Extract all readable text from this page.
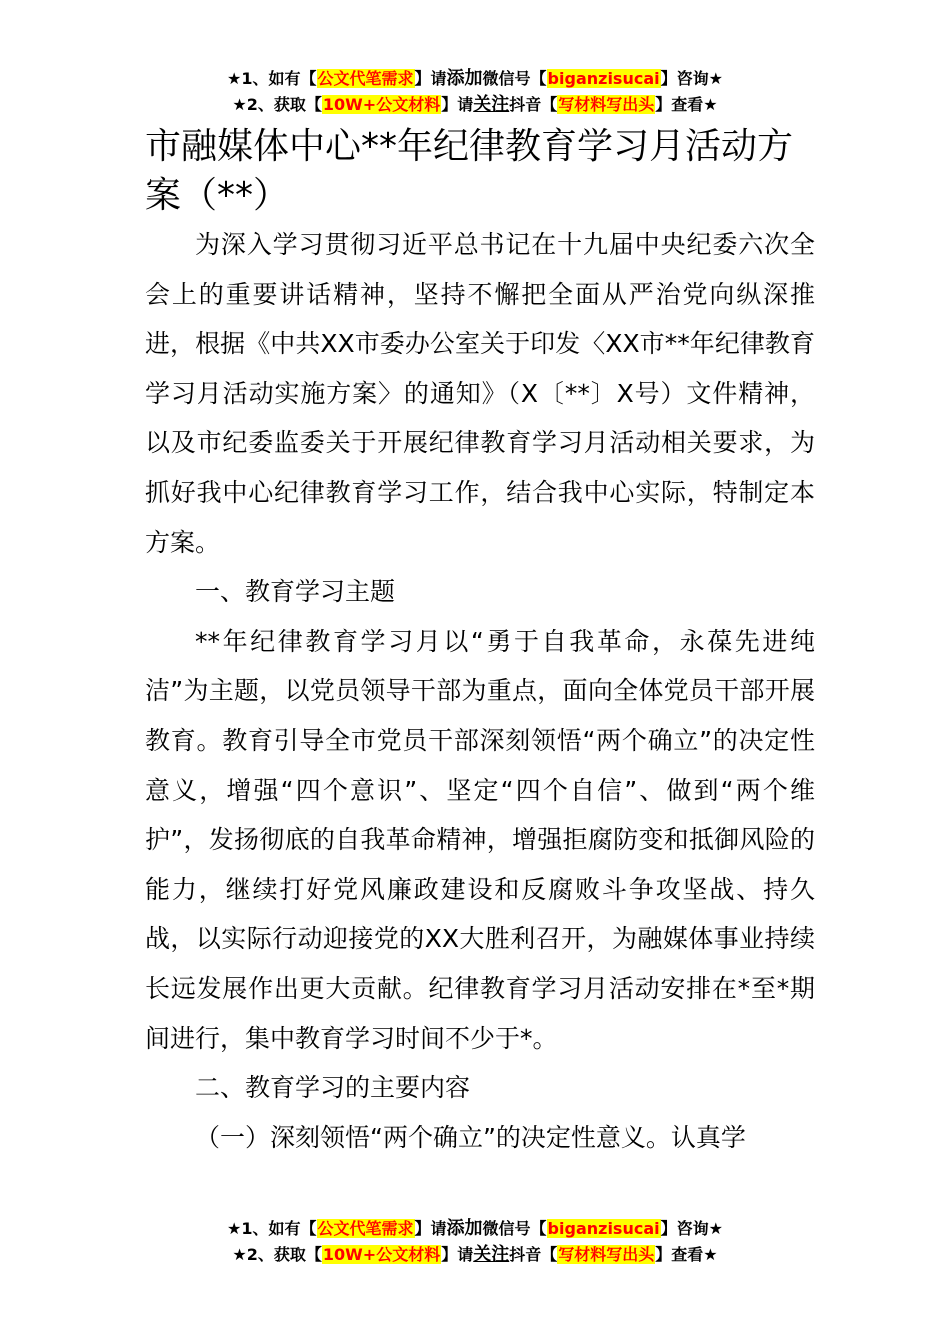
★1、如有【公文代笔需求】请添加微信号【biganzisucai】咨询★
★2、获取【10W+公文材料】请关注抖音【写材料写出头】查看★
市融媒体中心**年纪律教育学习月活动方案（**）

为深入学习贯彻习近平总书记在十九届中央纪委六次全会上的重要讲话精神，坚持不懈把全面从严治党向纵深推进，根据《中共XX市委办公室关于印发〈XX市**年纪律教育学习月活动实施方案〉的通知》（X〔**〕X号）文件精神，以及市纪委监委关于开展纪律教育学习月活动相关要求，为抓好我中心纪律教育学习工作，结合我中心实际，特制定本方案。

一、教育学习主题

**年纪律教育学习月以“勇于自我革命，永葆先进纯洁”为主题，以党员领导干部为重点，面向全体党员干部开展教育。教育引导全市党员干部深刻领悟“两个确立”的决定性意义，增强“四个意识”、坚定“四个自信”、做到“两个维护”，发扬彻底的自我革命精神，增强拒腐防变和抵御风险的能力，继续打好党风廉政建设和反腐败斗争攻坚战、持久战，以实际行动迎接党的XX大胜利召开，为融媒体事业持续长远发展作出更大贡献。纪律教育学习月活动安排在*至*期间进行，集中教育学习时间不少于*。

二、教育学习的主要内容

（一）深刻领悟“两个确立”的决定性意义。认真学

★1、如有【公文代笔需求】请添加微信号【biganzisucai】咨询★
★2、获取【10W+公文材料】请关注抖音【写材料写出头】查看★
